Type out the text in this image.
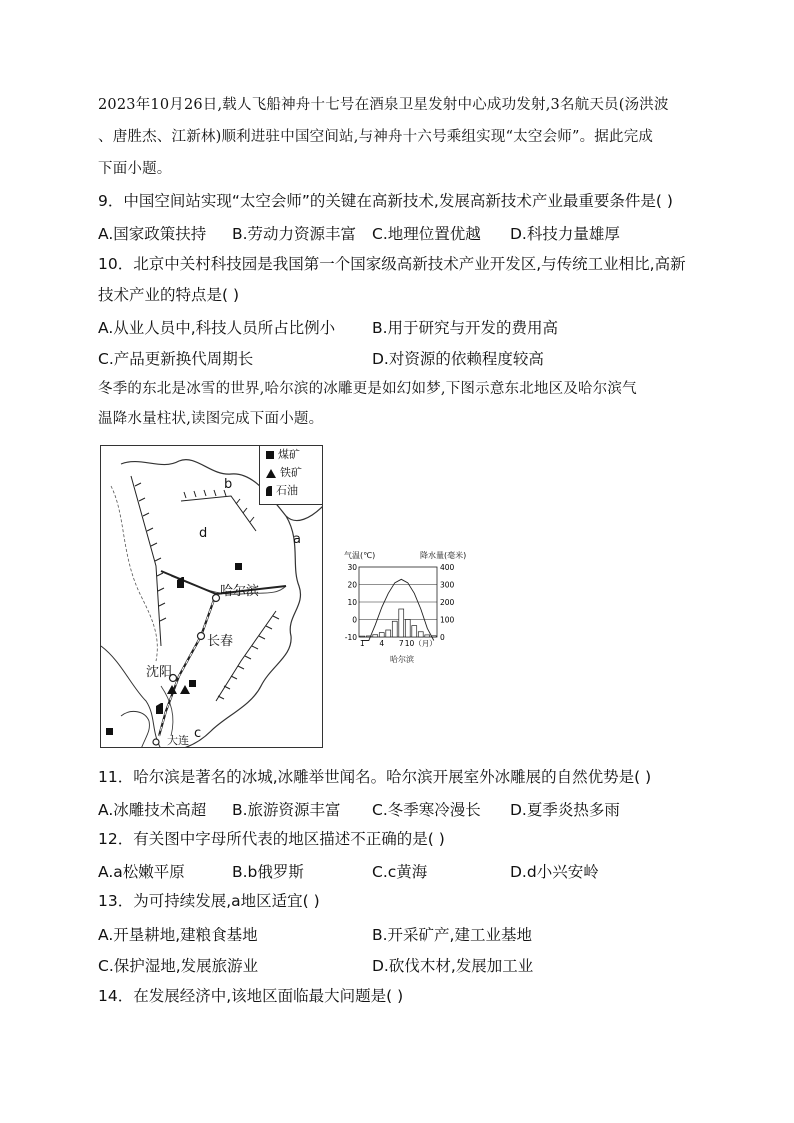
2023年10月26日,载人飞船神舟十七号在酒泉卫星发射中心成功发射,3名航天员(汤洪波
、唐胜杰、江新林)顺利进驻中国空间站,与神舟十六号乘组实现“太空会师”。据此完成
下面小题。
9．中国空间站实现“太空会师”的关键在高新技术,发展高新技术产业最重要条件是( )
A.国家政策扶持 B.劳动力资源丰富 C.地理位置优越 D.科技力量雄厚
10．北京中关村科技园是我国第一个国家级高新技术产业开发区,与传统工业相比,高新
技术产业的特点是( )
A.从业人员中,科技人员所占比例小 B.用于研究与开发的费用高
C.产品更新换代周期长	D.对资源的依赖程度较高
冬季的东北是冰雪的世界,哈尔滨的冰雕更是如幻如梦,下图示意东北地区及哈尔滨气
温降水量柱状,读图完成下面小题。
煤矿
铁矿
石油
b
a
d
c
哈尔滨
长春
沈阳
大连
气温(℃)	降水量(毫米)
30
20
10
0
-10
400
300
200
100
0
1 4 7 10（月）
哈尔滨
11．哈尔滨是著名的冰城,冰雕举世闻名。哈尔滨开展室外冰雕展的自然优势是( )
A.冰雕技术高超 B.旅游资源丰富 C.冬季寒冷漫长 D.夏季炎热多雨
12．有关图中字母所代表的地区描述不正确的是( )
A.a松嫩平原	B.b俄罗斯	C.c黄海	D.d小兴安岭
13．为可持续发展,a地区适宜( )
A.开垦耕地,建粮食基地	B.开采矿产,建工业基地
C.保护湿地,发展旅游业	D.砍伐木材,发展加工业
14．在发展经济中,该地区面临最大问题是( )
